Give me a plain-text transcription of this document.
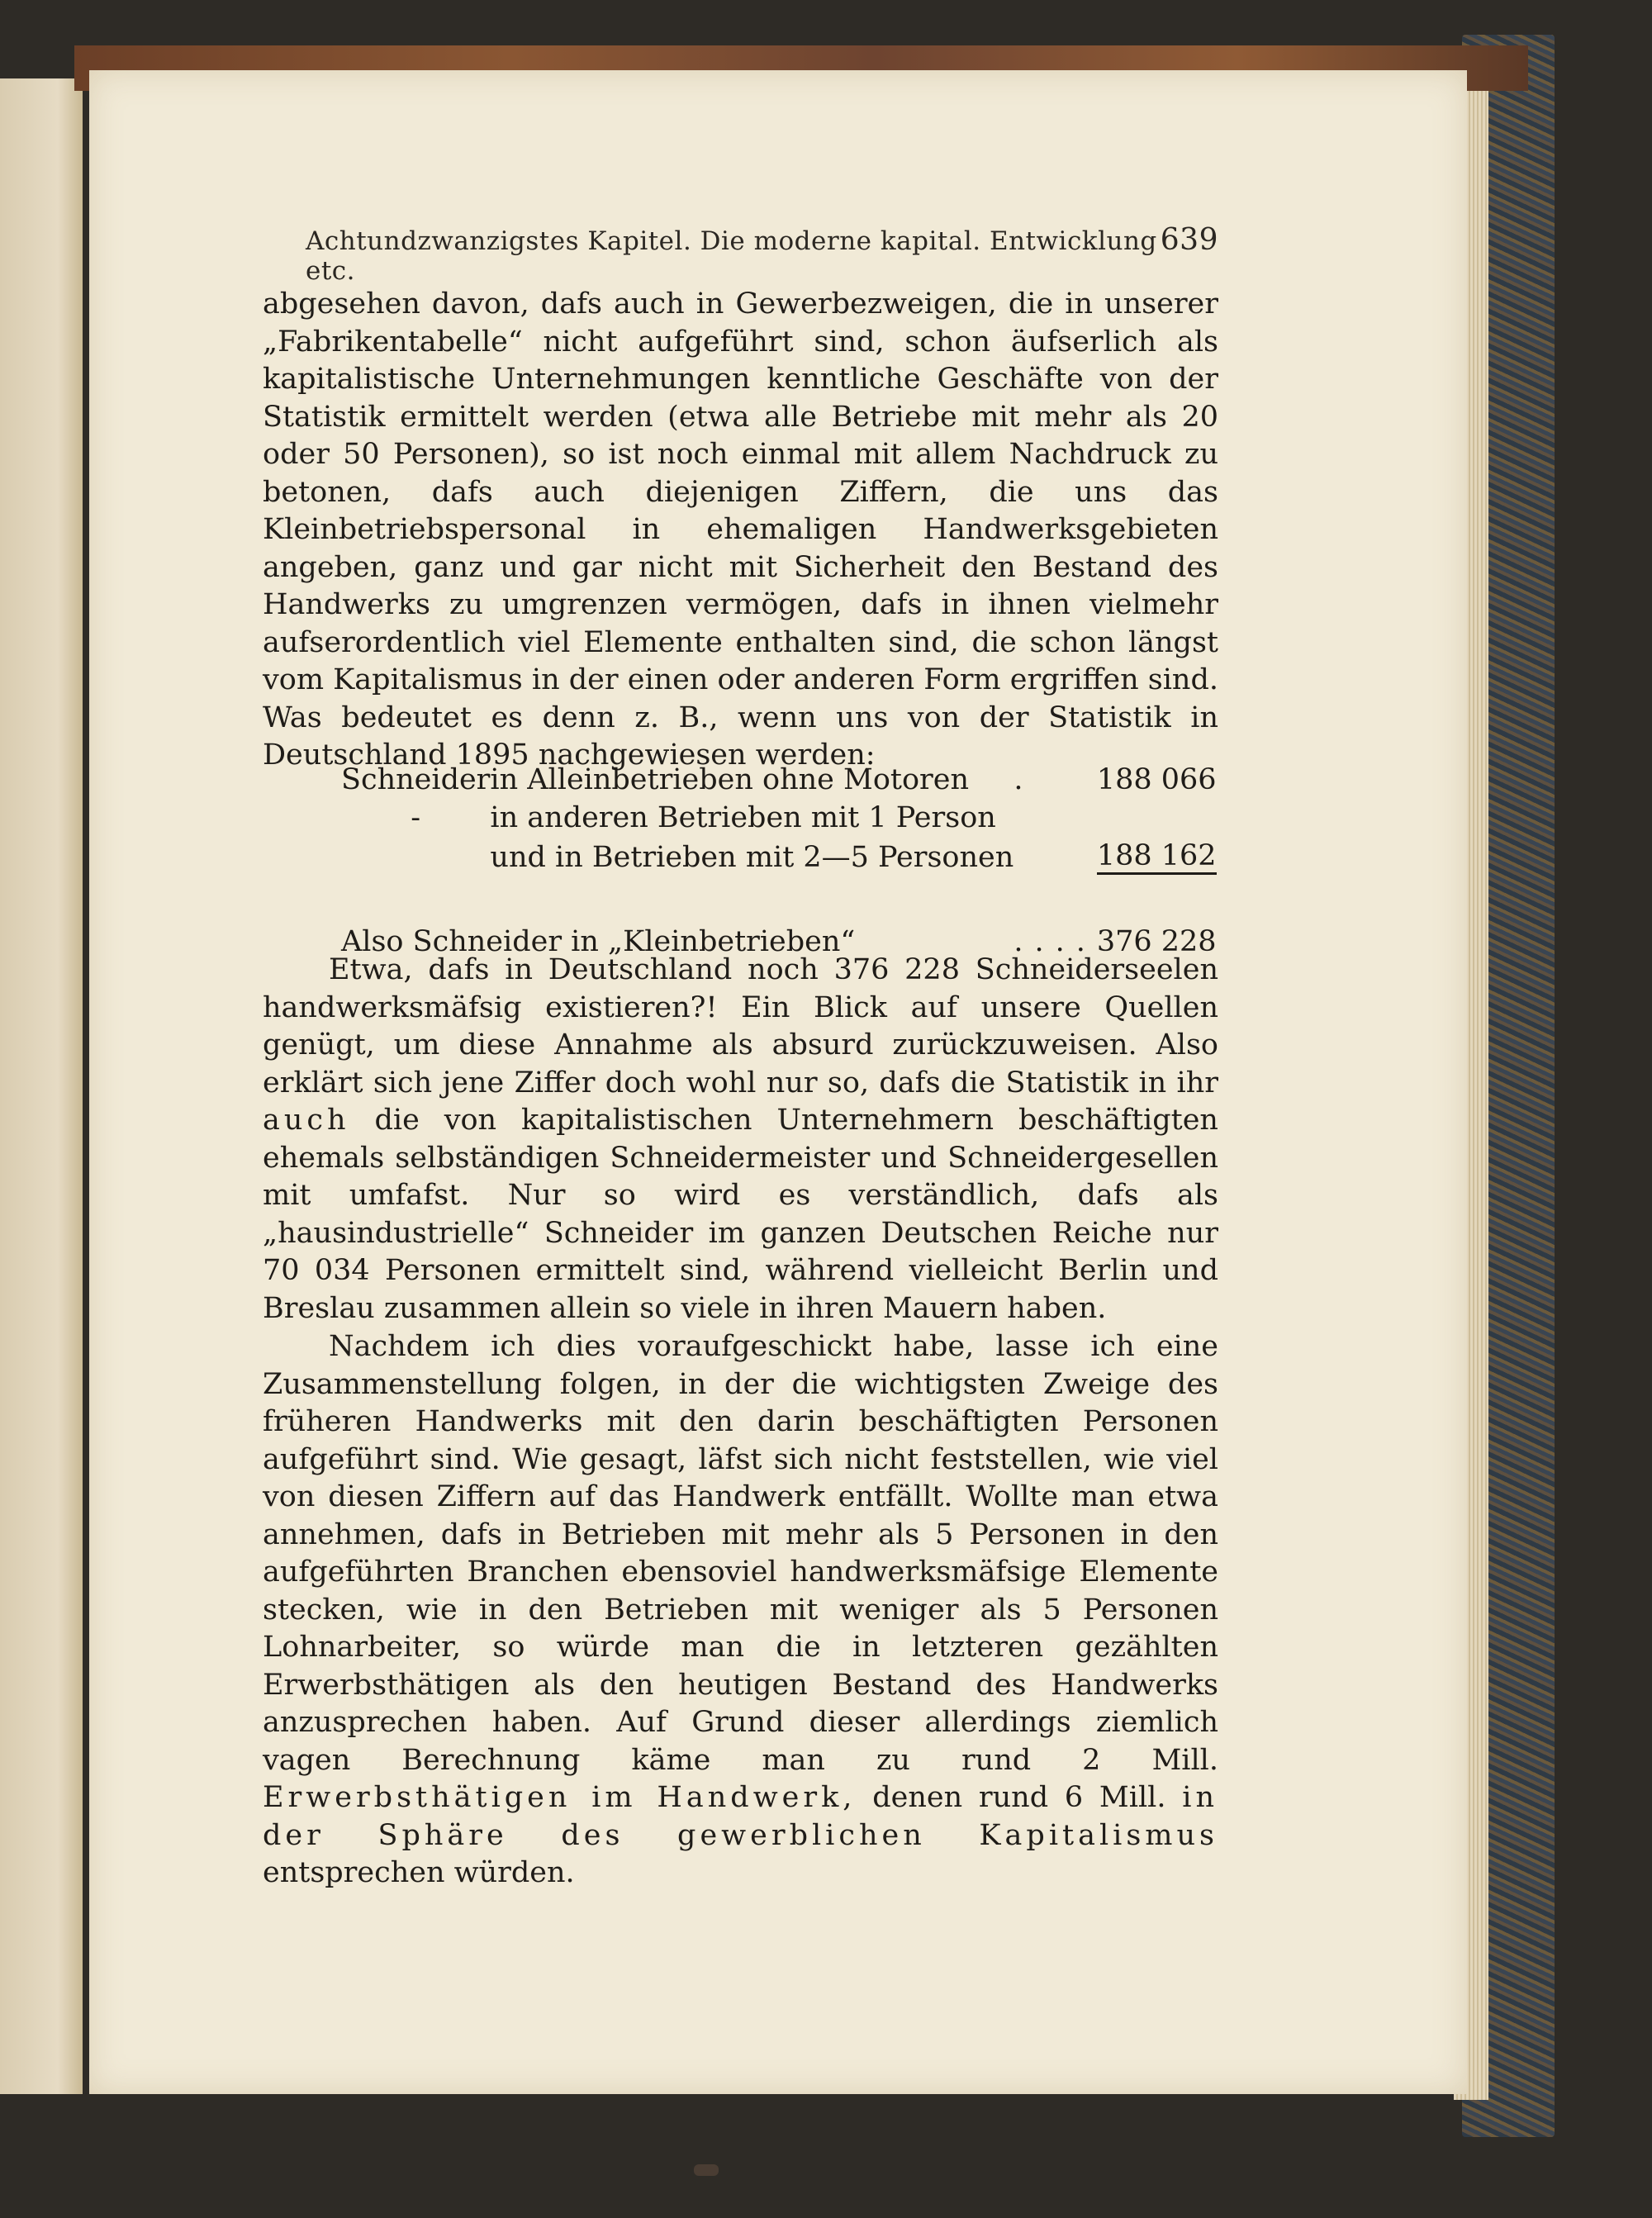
Achtundzwanzigstes Kapitel. Die moderne kapital. Entwicklung etc.
639
abgesehen davon, dafs auch in Gewerbezweigen, die in unserer „Fabrikentabelle“ nicht aufgeführt sind, schon äufserlich als kapitalistische Unternehmungen kenntliche Geschäfte von der Statistik ermittelt werden (etwa alle Betriebe mit mehr als 20 oder 50 Personen), so ist noch einmal mit allem Nachdruck zu betonen, dafs auch diejenigen Ziffern, die uns das Kleinbetriebspersonal in ehemaligen Handwerksgebieten angeben, ganz und gar nicht mit Sicherheit den Bestand des Handwerks zu umgrenzen vermögen, dafs in ihnen vielmehr aufserordentlich viel Elemente enthalten sind, die schon längst vom Kapitalismus in der einen oder anderen Form ergriffen sind. Was bedeutet es denn z. B., wenn uns von der Statistik in Deutschland 1895 nachgewiesen werden:
Schneider	in Alleinbetrieben ohne Motoren	.	188 066
-	in anderen Betrieben mit 1 Person		
	und in Betrieben mit 2—5 Personen		188 162

Also Schneider in „Kleinbetrieben“		....	376 228
Etwa, dafs in Deutschland noch 376 228 Schneiderseelen handwerksmäfsig existieren?! Ein Blick auf unsere Quellen genügt, um diese Annahme als absurd zurückzuweisen. Also erklärt sich jene Ziffer doch wohl nur so, dafs die Statistik in ihr auch die von kapitalistischen Unternehmern beschäftigten ehemals selbständigen Schneidermeister und Schneidergesellen mit umfafst. Nur so wird es verständlich, dafs als „hausindustrielle“ Schneider im ganzen Deutschen Reiche nur 70 034 Personen ermittelt sind, während vielleicht Berlin und Breslau zusammen allein so viele in ihren Mauern haben.
Nachdem ich dies voraufgeschickt habe, lasse ich eine Zusammenstellung folgen, in der die wichtigsten Zweige des früheren Handwerks mit den darin beschäftigten Personen aufgeführt sind. Wie gesagt, läfst sich nicht feststellen, wie viel von diesen Ziffern auf das Handwerk entfällt. Wollte man etwa annehmen, dafs in Betrieben mit mehr als 5 Personen in den aufgeführten Branchen ebensoviel handwerksmäfsige Elemente stecken, wie in den Betrieben mit weniger als 5 Personen Lohnarbeiter, so würde man die in letzteren gezählten Erwerbsthätigen als den heutigen Bestand des Handwerks anzusprechen haben. Auf Grund dieser allerdings ziemlich vagen Berechnung käme man zu rund 2 Mill. Erwerbsthätigen im Handwerk, denen rund 6 Mill. in der Sphäre des gewerblichen Kapitalismus entsprechen würden.
